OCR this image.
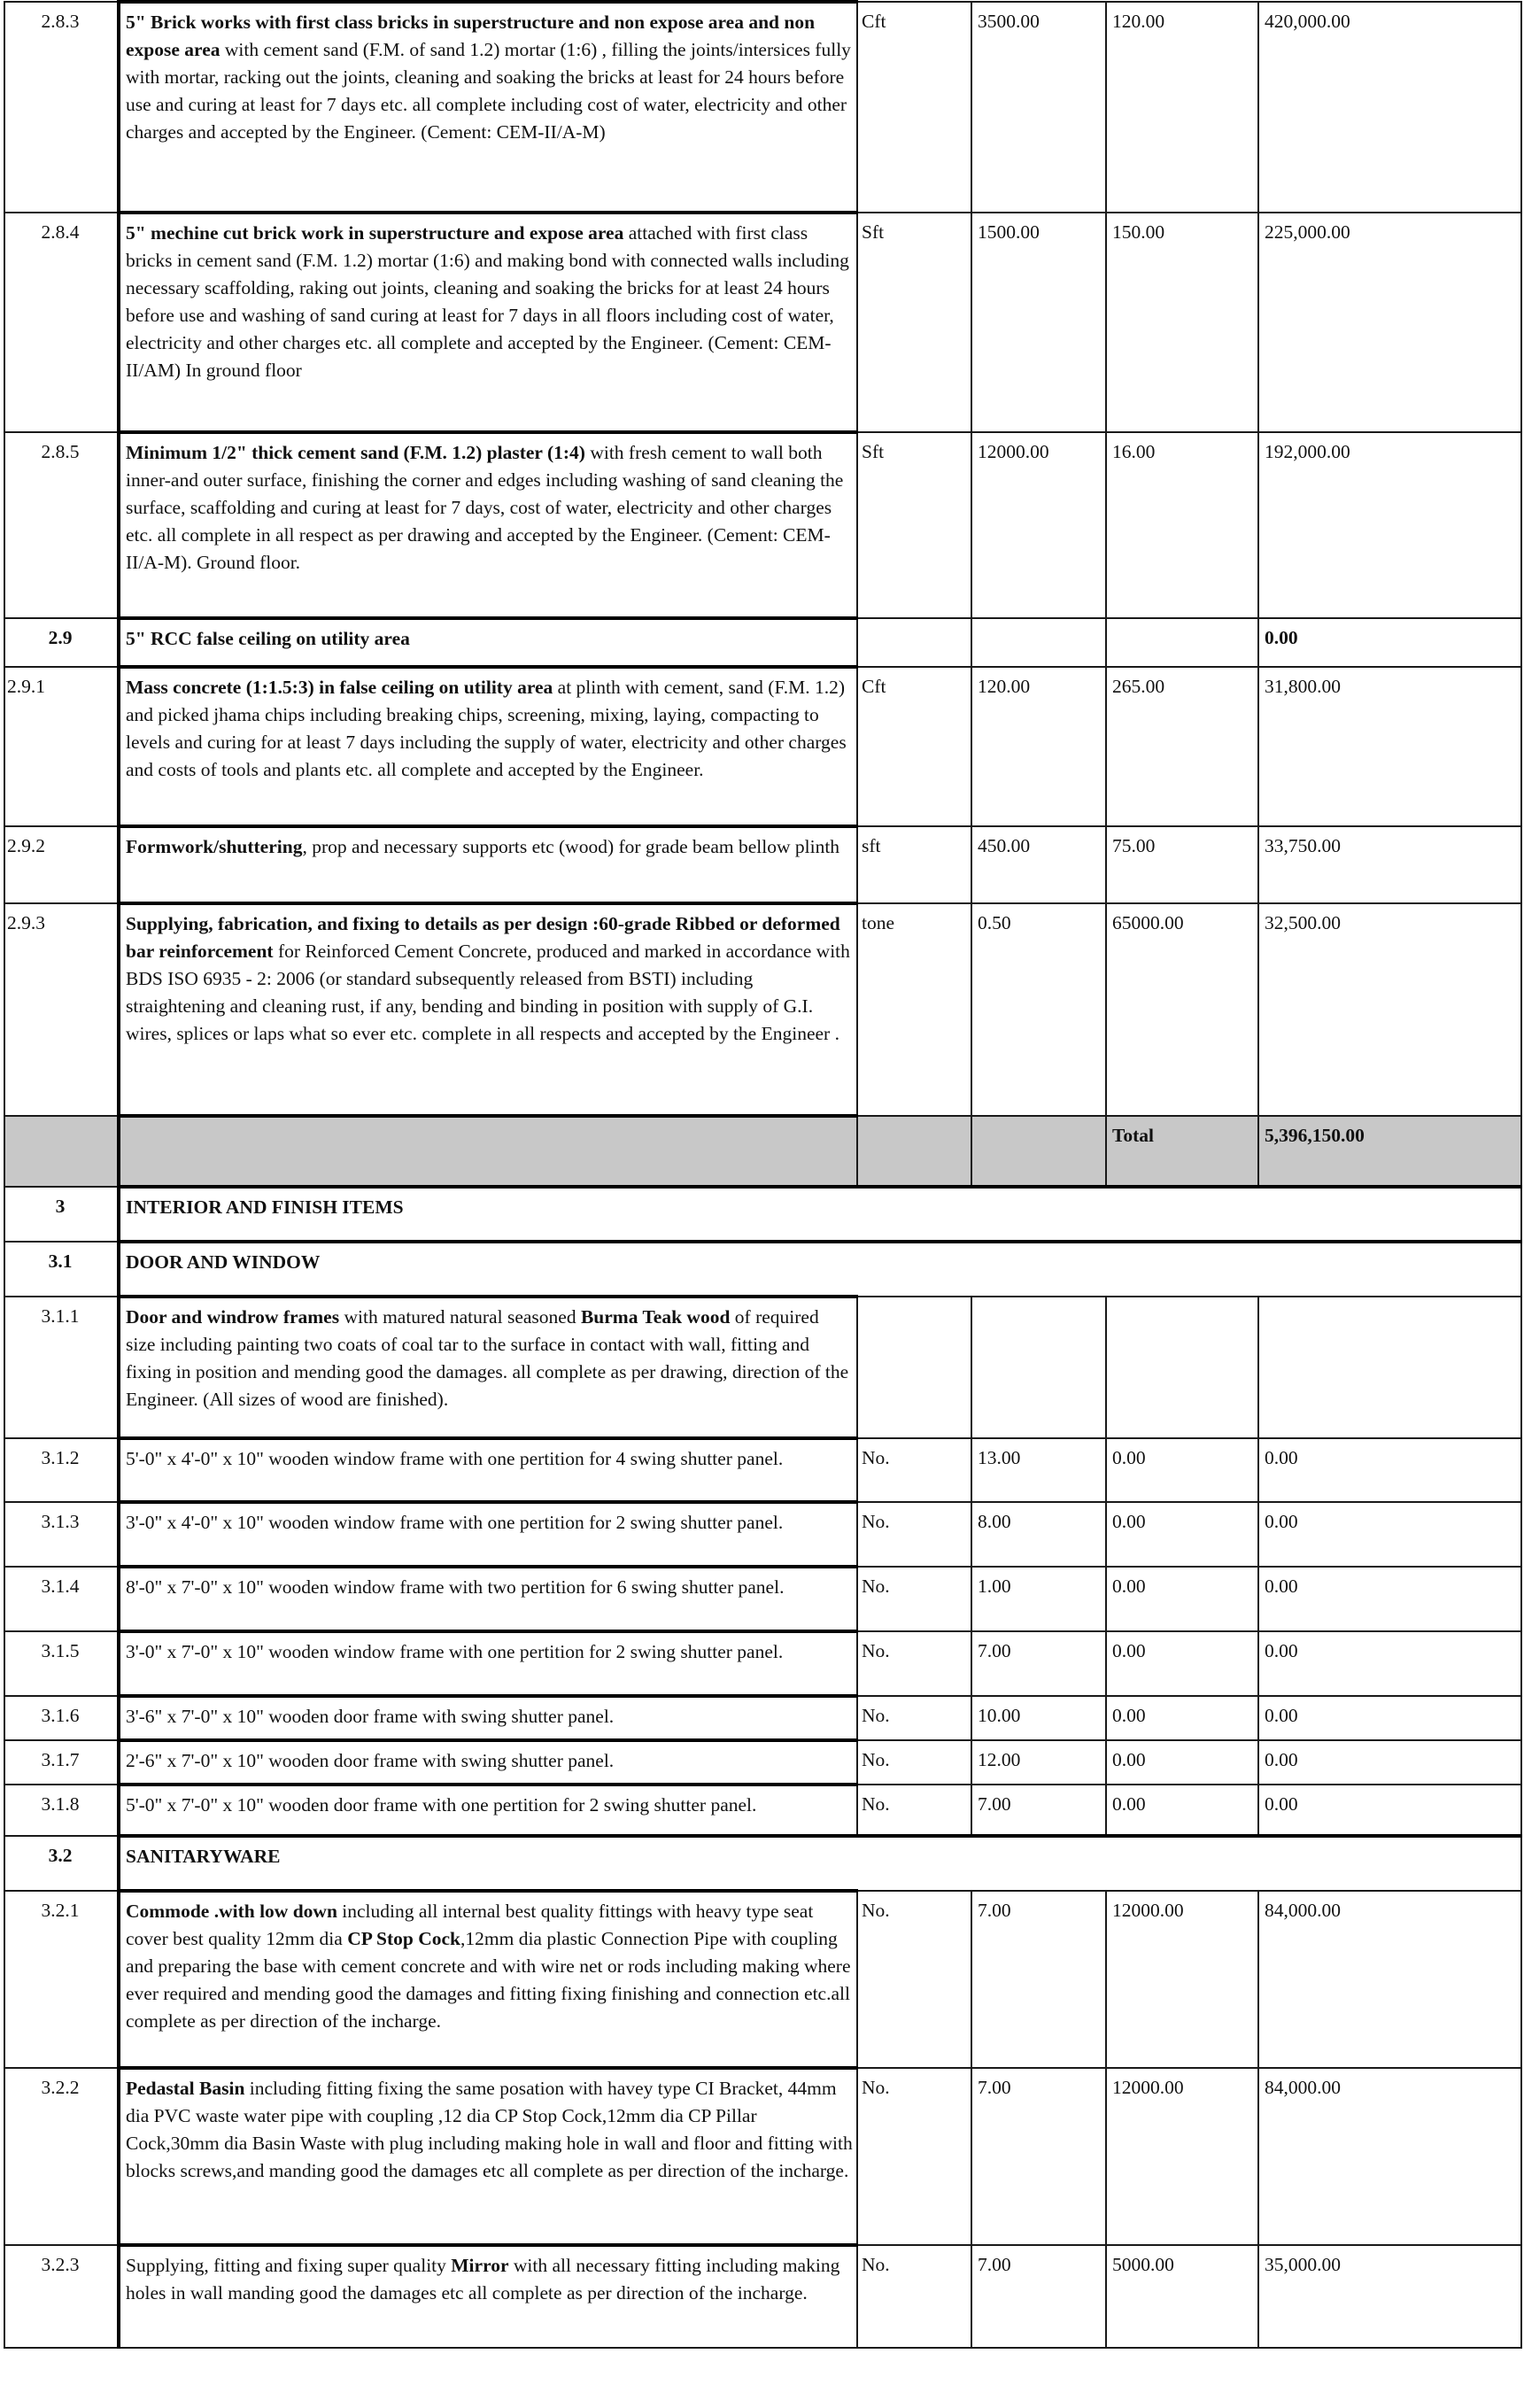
2.8.3	5" Brick works with first class bricks in superstructure and non expose area and non expose area with cement sand (F.M. of sand 1.2) mortar (1:6) , filling the joints/intersices fully with mortar, racking out the joints, cleaning and soaking the bricks at least for 24 hours before use and curing at least for 7 days etc. all complete including cost of water, electricity and other charges and accepted by the Engineer. (Cement: CEM-II/A-M)	Cft	3500.00	120.00	420,000.00
2.8.4	5" mechine cut brick work in superstructure and expose area attached with first class bricks in cement sand (F.M. 1.2) mortar (1:6) and making bond with connected walls including necessary scaffolding, raking out joints, cleaning and soaking the bricks for at least 24 hours before use and washing of sand curing at least for 7 days in all floors including cost of water, electricity and other charges etc. all complete and accepted by the Engineer. (Cement: CEM-II/AM) In ground floor	Sft	1500.00	150.00	225,000.00
2.8.5	Minimum 1/2" thick cement sand (F.M. 1.2) plaster (1:4) with fresh cement to wall both inner-and outer surface, finishing the corner and edges including washing of sand cleaning the surface, scaffolding and curing at least for 7 days, cost of water, electricity and other charges etc. all complete in all respect as per drawing and accepted by the Engineer. (Cement: CEM-II/A-M). Ground floor.	Sft	12000.00	16.00	192,000.00
2.9	5" RCC false ceiling on utility area				0.00
2.9.1	Mass concrete (1:1.5:3) in false ceiling on utility area at plinth with cement, sand (F.M. 1.2) and picked jhama chips including breaking chips, screening, mixing, laying, compacting to levels and curing for at least 7 days including the supply of water, electricity and other charges and costs of tools and plants etc. all complete and accepted by the Engineer.	Cft	120.00	265.00	31,800.00
2.9.2	Formwork/shuttering, prop and necessary supports etc (wood) for grade beam bellow plinth	sft	450.00	75.00	33,750.00
2.9.3	Supplying, fabrication, and fixing to details as per design :60-grade Ribbed or deformed bar reinforcement for Reinforced Cement Concrete, produced and marked in accordance with BDS ISO 6935 - 2: 2006 (or standard subsequently released from BSTI) including straightening and cleaning rust, if any, bending and binding in position with supply of G.I. wires, splices or laps what so ever etc. complete in all respects and accepted by the Engineer .	tone	0.50	65000.00	32,500.00
				Total	5,396,150.00
3	INTERIOR AND FINISH ITEMS				
3.1	DOOR AND WINDOW				
3.1.1	Door and windrow frames with matured natural seasoned Burma Teak wood of required size including painting two coats of coal tar to the surface in contact with wall, fitting and fixing in position and mending good the damages. all complete as per drawing, direction of the Engineer. (All sizes of wood are finished).				
3.1.2	5'-0" x 4'-0" x 10" wooden window frame with one pertition for 4 swing shutter panel.	No.	13.00	0.00	0.00
3.1.3	3'-0" x 4'-0" x 10" wooden window frame with one pertition for 2 swing shutter panel.	No.	8.00	0.00	0.00
3.1.4	8'-0" x 7'-0" x 10" wooden window frame with two pertition for 6 swing shutter panel.	No.	1.00	0.00	0.00
3.1.5	3'-0" x 7'-0" x 10" wooden window frame with one pertition for 2 swing shutter panel.	No.	7.00	0.00	0.00
3.1.6	3'-6" x 7'-0" x 10" wooden door frame with swing shutter panel.	No.	10.00	0.00	0.00
3.1.7	2'-6" x 7'-0" x 10" wooden door frame with swing shutter panel.	No.	12.00	0.00	0.00
3.1.8	5'-0" x 7'-0" x 10" wooden door frame with one pertition for 2 swing shutter panel.	No.	7.00	0.00	0.00
3.2	SANITARYWARE				
3.2.1	Commode .with low down including all internal best quality fittings with heavy type seat cover best quality 12mm dia CP Stop Cock,12mm dia plastic Connection Pipe with coupling and preparing the base with cement concrete and with wire net or rods including making where ever required and mending good the damages and fitting fixing finishing and connection etc.all complete as per direction of the incharge.	No.	7.00	12000.00	84,000.00
3.2.2	Pedastal Basin including fitting fixing the same posation with havey type CI Bracket, 44mm dia PVC waste water pipe with coupling ,12 dia CP Stop Cock,12mm dia CP Pillar Cock,30mm dia Basin Waste with plug including making hole in wall and floor and fitting with blocks screws,and manding good the damages etc all complete as per direction of the incharge.	No.	7.00	12000.00	84,000.00
3.2.3	Supplying, fitting and fixing super quality Mirror with all necessary fitting including making holes in wall manding good the damages etc all complete as per direction of the incharge.	No.	7.00	5000.00	35,000.00
